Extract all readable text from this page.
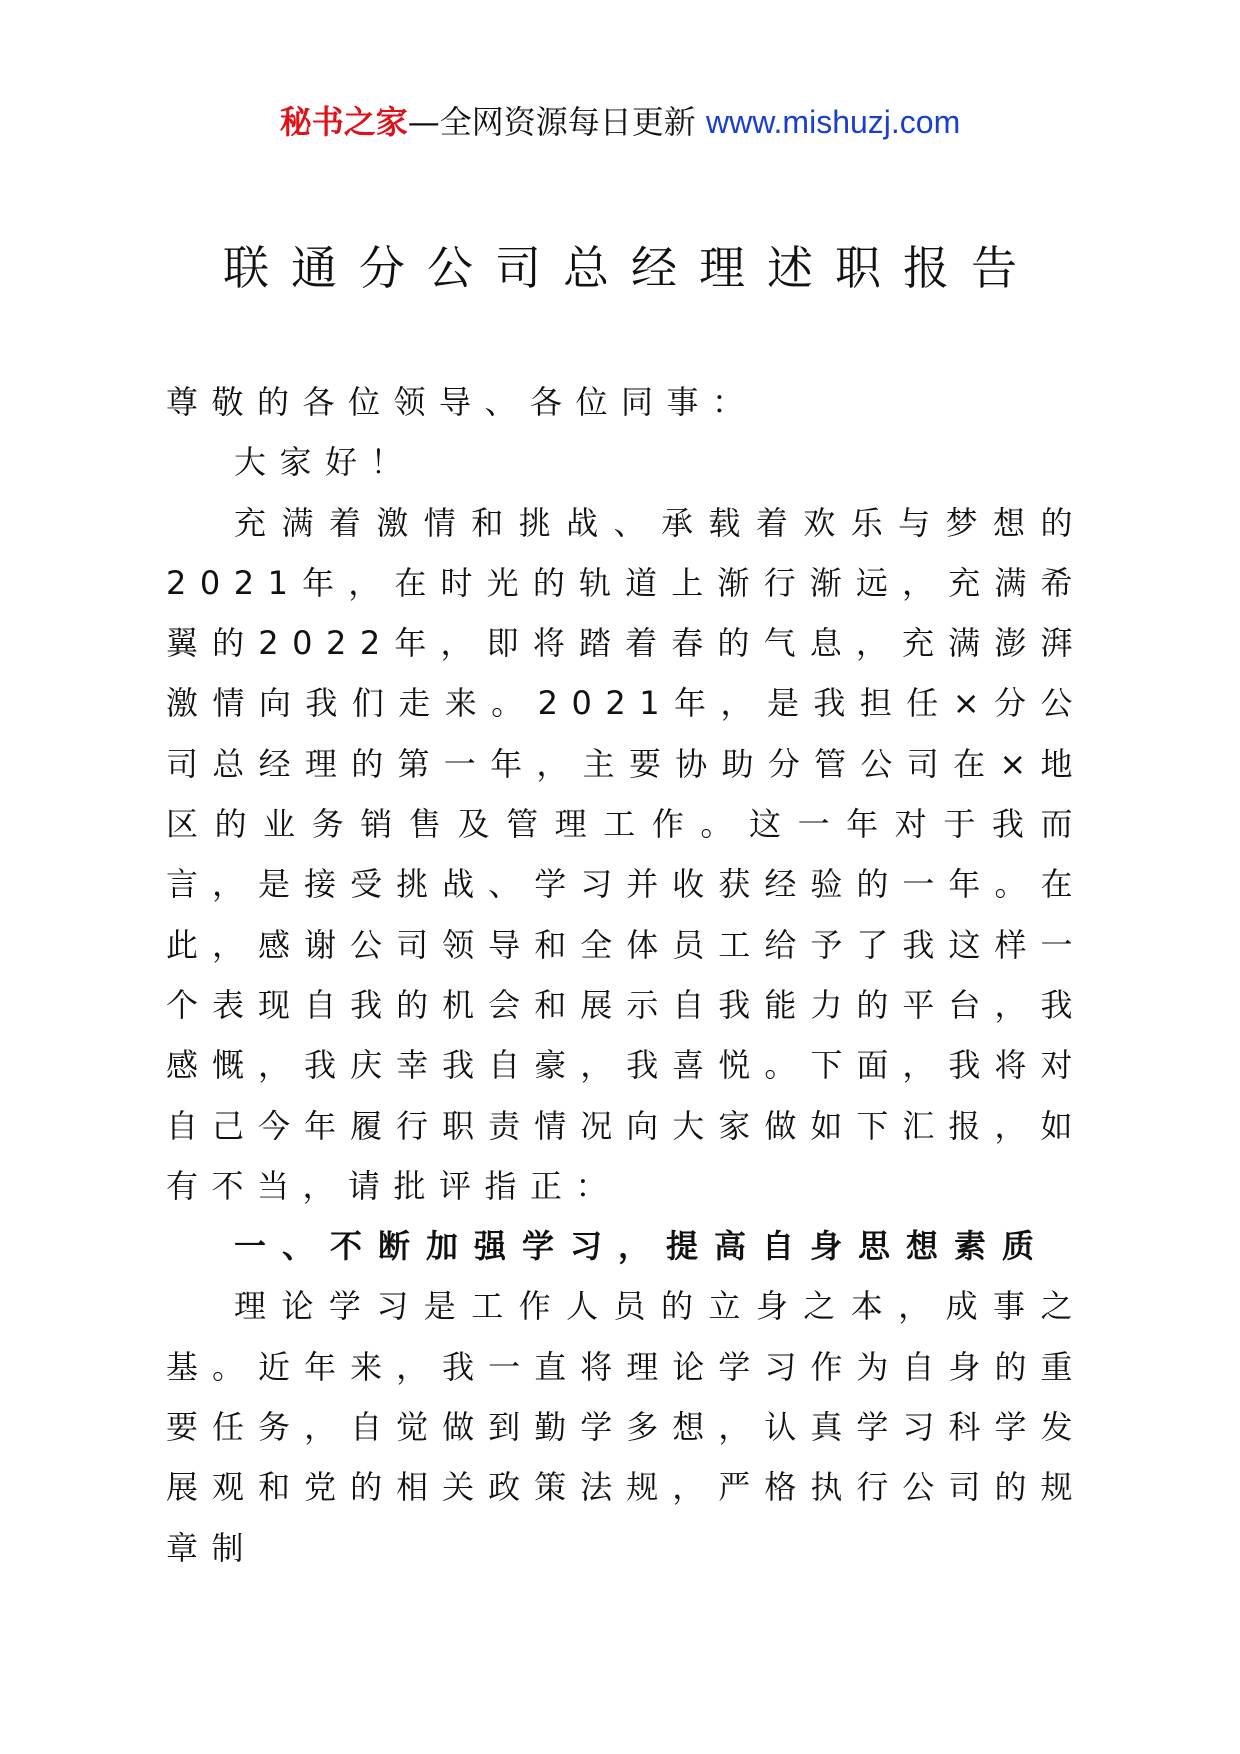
秘书之家—全网资源每日更新 www.mishuzj.com
联通分公司总经理述职报告

尊敬的各位领导、各位同事：

大家好！

充满着激情和挑战、承载着欢乐与梦想的2021年，在时光的轨道上渐行渐远，充满希翼的2022年，即将踏着春的气息，充满澎湃激情向我们走来。2021年，是我担任×分公司总经理的第一年，主要协助分管公司在×地区的业务销售及管理工作。这一年对于我而言，是接受挑战、学习并收获经验的一年。在此，感谢公司领导和全体员工给予了我这样一个表现自我的机会和展示自我能力的平台，我感慨，我庆幸我自豪，我喜悦。下面，我将对自己今年履行职责情况向大家做如下汇报，如有不当，请批评指正：

一、不断加强学习，提高自身思想素质

理论学习是工作人员的立身之本，成事之基。近年来，我一直将理论学习作为自身的重要任务，自觉做到勤学多想，认真学习科学发展观和党的相关政策法规，严格执行公司的规章制
